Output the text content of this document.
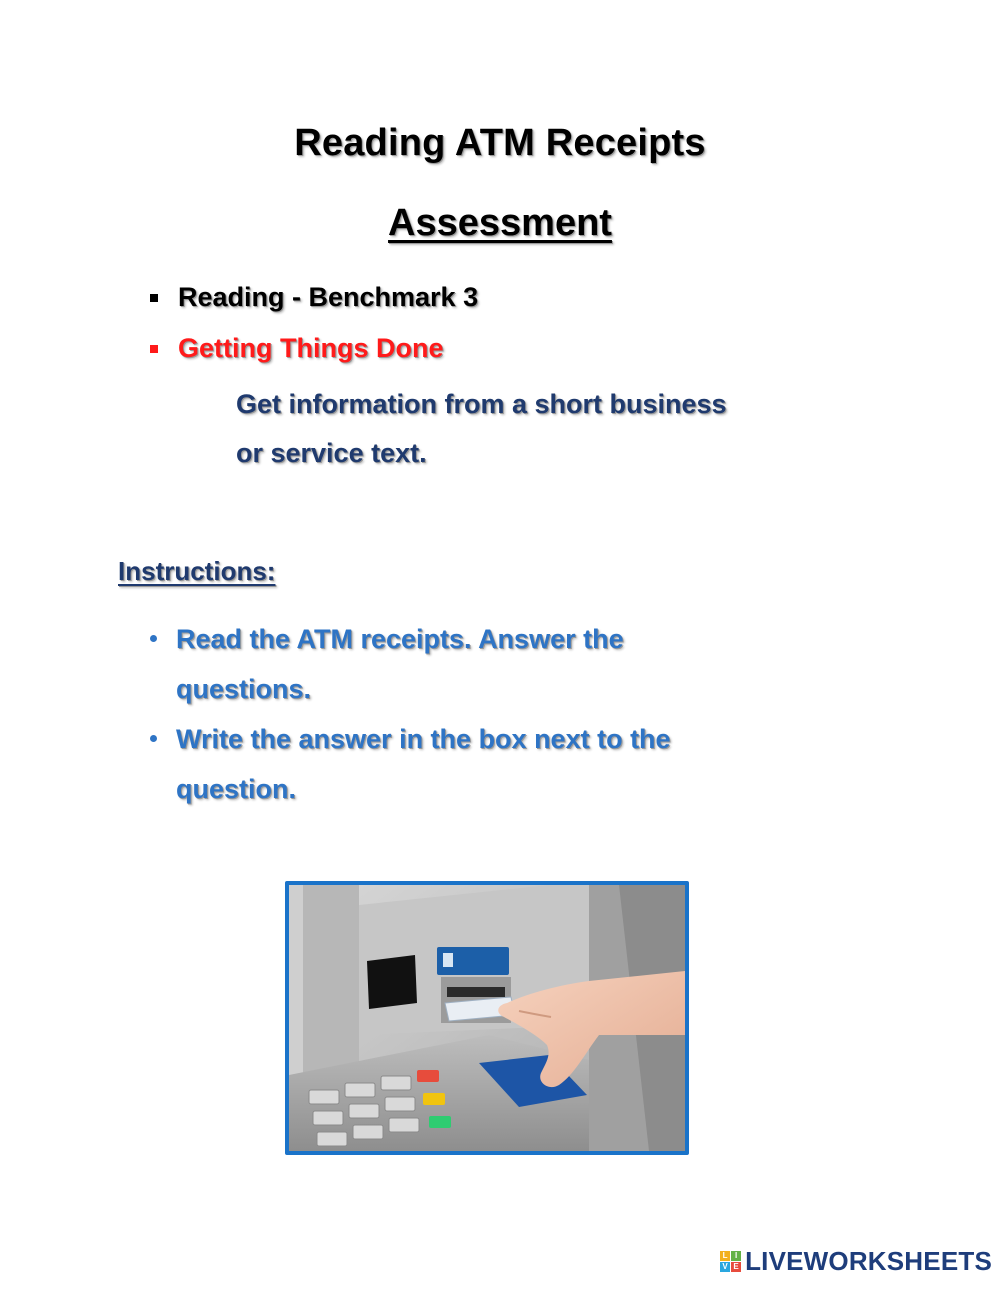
Reading ATM Receipts
Assessment
Reading - Benchmark 3
Getting Things Done
Get information from a short business
or service text.
Instructions:
Read the ATM receipts. Answer the
questions.
Write the answer in the box next to the
question.
L I
V E LIVEWORKSHEETS
